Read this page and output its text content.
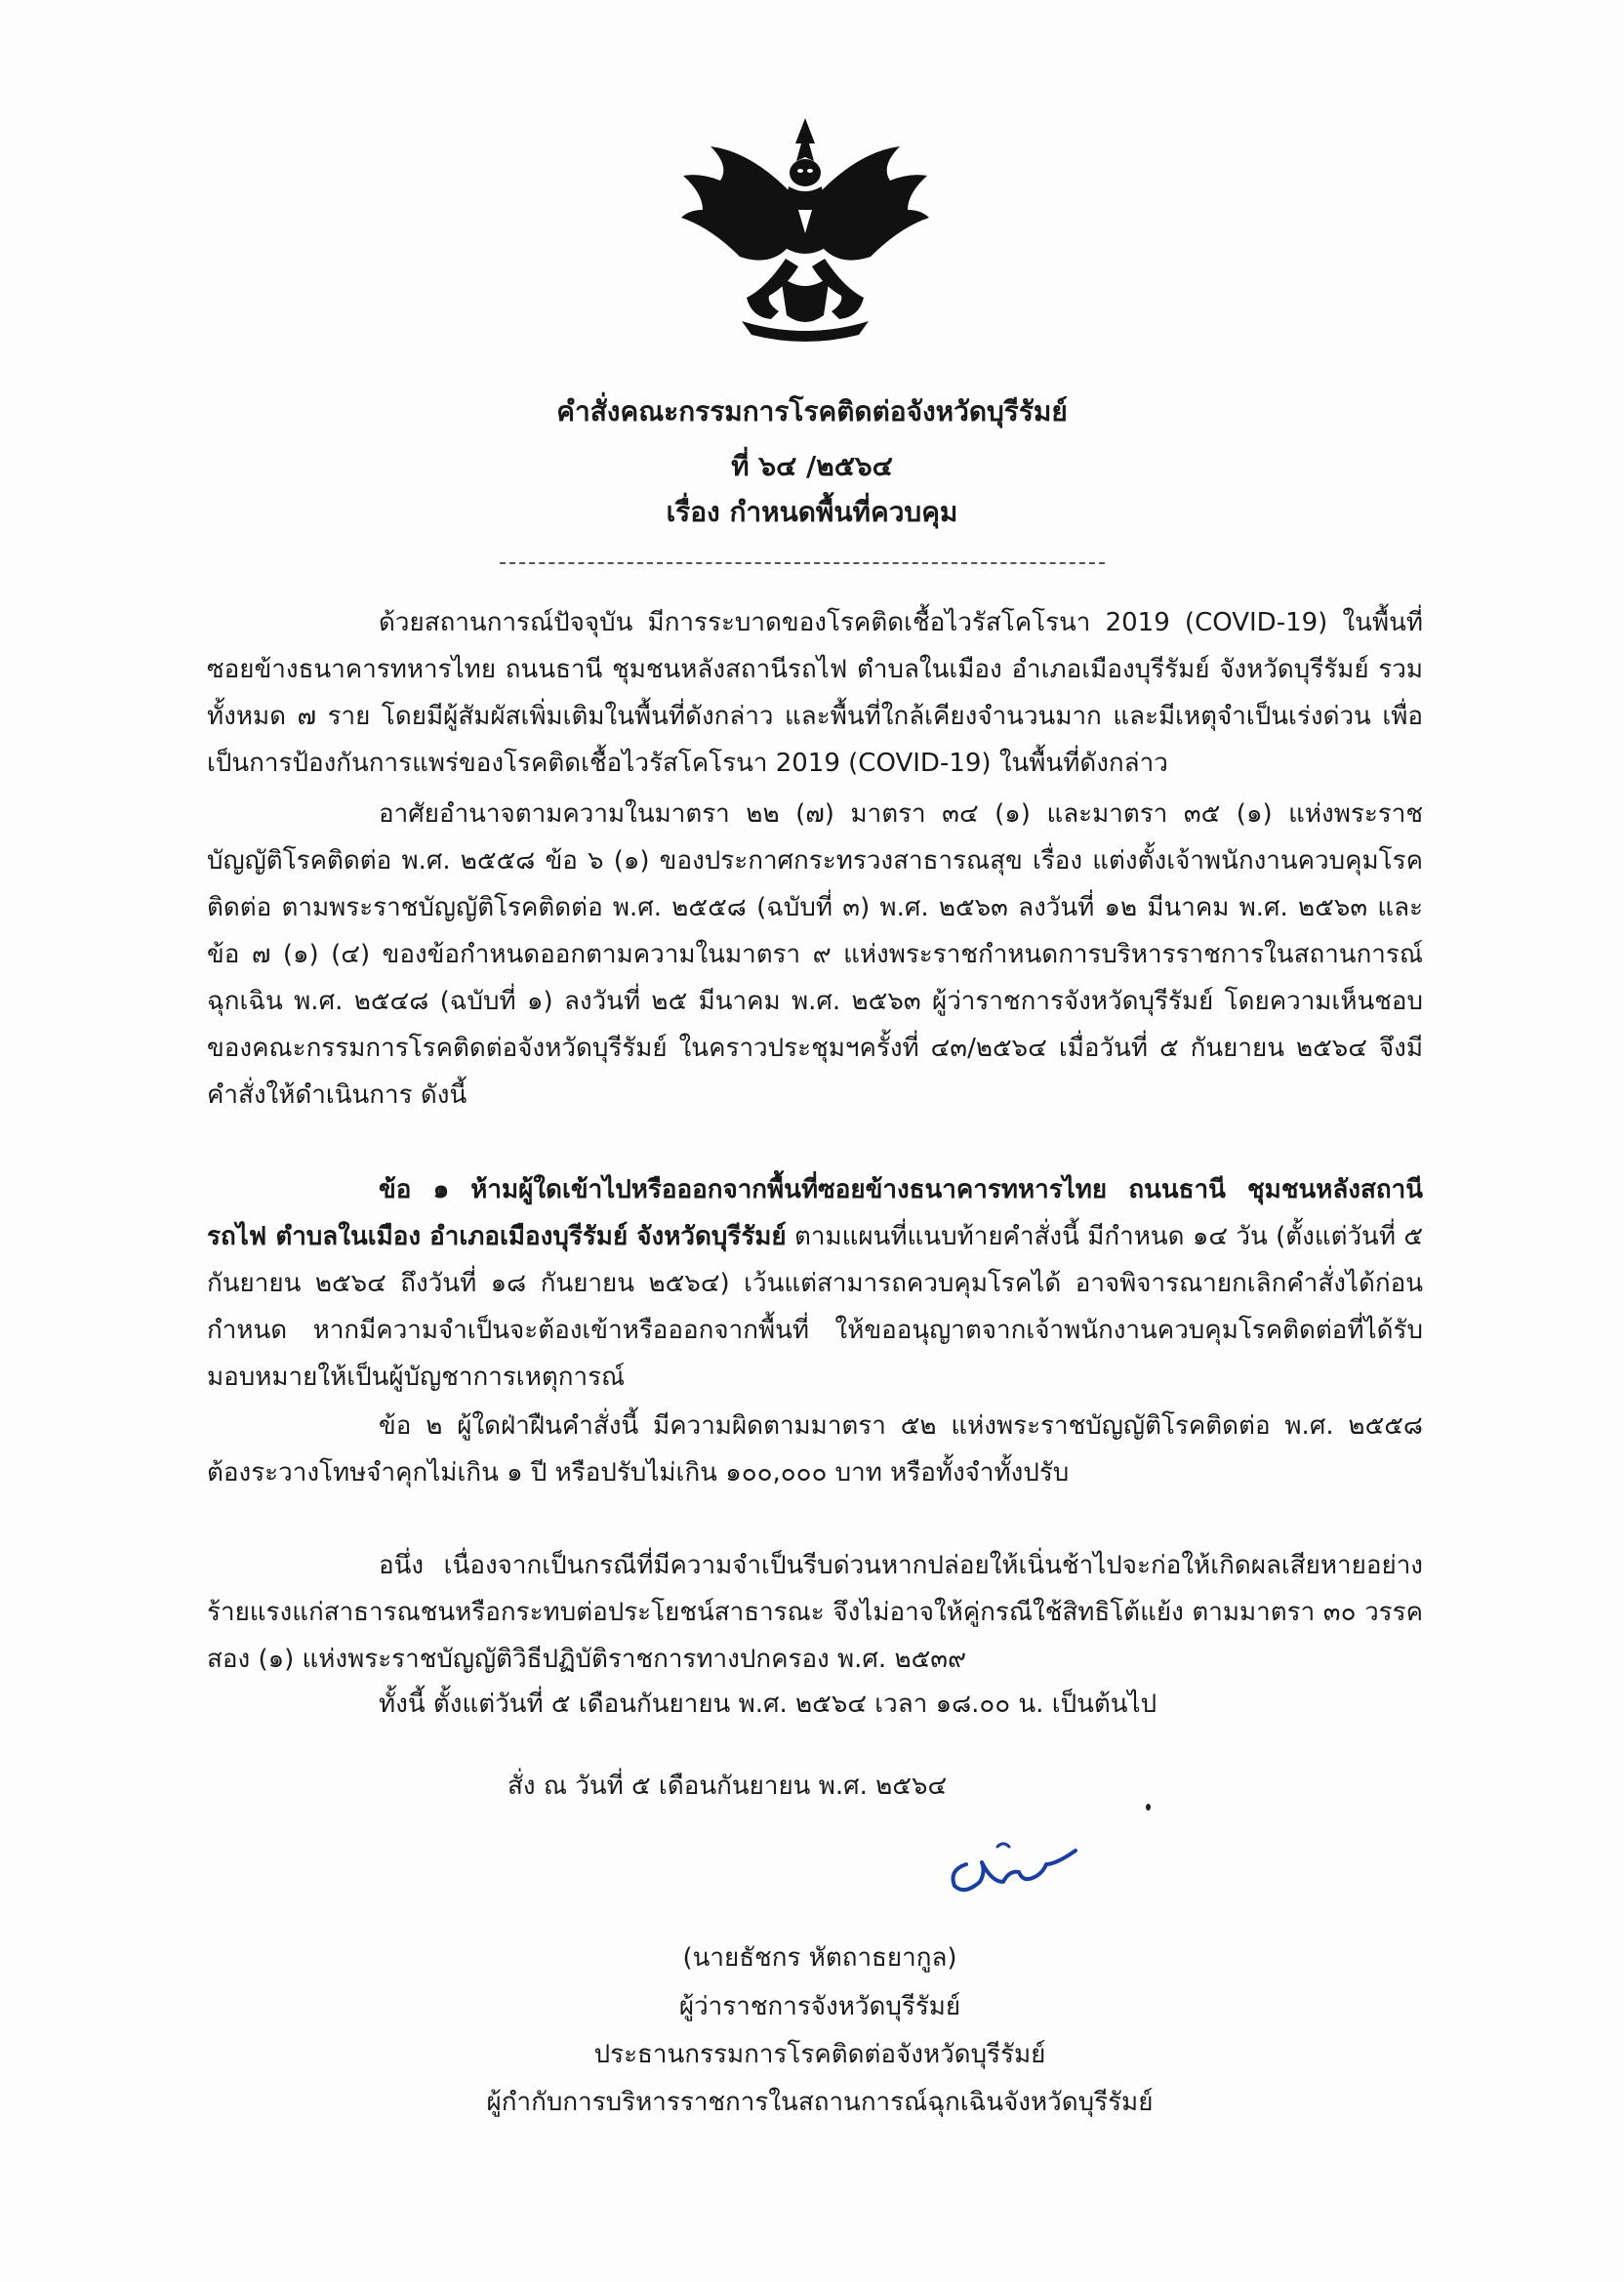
คำสั่งคณะกรรมการโรคติดต่อจังหวัดบุรีรัมย์
ที่ ๖๔ /๒๕๖๔
เรื่อง กำหนดพื้นที่ควบคุม
ด้วยสถานการณ์ปัจจุบัน มีการระบาดของโรคติดเชื้อไวรัสโคโรนา 2019 (COVID-19) ในพื้นที่ ซอยข้างธนาคารทหารไทย ถนนธานี ชุมชนหลังสถานีรถไฟ ตำบลในเมือง อำเภอเมืองบุรีรัมย์ จังหวัดบุรีรัมย์ รวมทั้งหมด ๗ ราย โดยมีผู้สัมผัสเพิ่มเติมในพื้นที่ดังกล่าว และพื้นที่ใกล้เคียงจำนวนมาก และมีเหตุจำเป็นเร่งด่วน เพื่อเป็นการป้องกันการแพร่ของโรคติดเชื้อไวรัสโคโรนา 2019 (COVID-19) ในพื้นที่ดังกล่าว
อาศัยอำนาจตามความในมาตรา ๒๒ (๗) มาตรา ๓๔ (๑) และมาตรา ๓๕ (๑) แห่งพระราชบัญญัติโรคติดต่อ พ.ศ. ๒๕๕๘ ข้อ ๖ (๑) ของประกาศกระทรวงสาธารณสุข เรื่อง แต่งตั้งเจ้าพนักงานควบคุมโรคติดต่อ ตามพระราชบัญญัติโรคติดต่อ พ.ศ. ๒๕๕๘ (ฉบับที่ ๓) พ.ศ. ๒๕๖๓ ลงวันที่ ๑๒ มีนาคม พ.ศ. ๒๕๖๓ และข้อ ๗ (๑) (๔) ของข้อกำหนดออกตามความในมาตรา ๙ แห่งพระราชกำหนดการบริหารราชการในสถานการณ์ฉุกเฉิน พ.ศ. ๒๕๔๘ (ฉบับที่ ๑) ลงวันที่ ๒๕ มีนาคม พ.ศ. ๒๕๖๓ ผู้ว่าราชการจังหวัดบุรีรัมย์ โดยความเห็นชอบของคณะกรรมการโรคติดต่อจังหวัดบุรีรัมย์ ในคราวประชุมฯครั้งที่ ๔๓/๒๕๖๔ เมื่อวันที่ ๕ กันยายน ๒๕๖๔ จึงมีคำสั่งให้ดำเนินการ ดังนี้
ข้อ ๑ ห้ามผู้ใดเข้าไปหรือออกจากพื้นที่ซอยข้างธนาคารทหารไทย ถนนธานี ชุมชนหลังสถานีรถไฟ ตำบลในเมือง อำเภอเมืองบุรีรัมย์ จังหวัดบุรีรัมย์ ตามแผนที่แนบท้ายคำสั่งนี้ มีกำหนด ๑๔ วัน (ตั้งแต่วันที่ ๕ กันยายน ๒๕๖๔ ถึงวันที่ ๑๘ กันยายน ๒๕๖๔) เว้นแต่สามารถควบคุมโรคได้ อาจพิจารณายกเลิกคำสั่งได้ก่อนกำหนด หากมีความจำเป็นจะต้องเข้าหรือออกจากพื้นที่ ให้ขออนุญาตจากเจ้าพนักงานควบคุมโรคติดต่อที่ได้รับมอบหมายให้เป็นผู้บัญชาการเหตุการณ์
ข้อ ๒ ผู้ใดฝ่าฝืนคำสั่งนี้ มีความผิดตามมาตรา ๕๒ แห่งพระราชบัญญัติโรคติดต่อ พ.ศ. ๒๕๕๘ ต้องระวางโทษจำคุกไม่เกิน ๑ ปี หรือปรับไม่เกิน ๑๐๐,๐๐๐ บาท หรือทั้งจำทั้งปรับ
อนึ่ง เนื่องจากเป็นกรณีที่มีความจำเป็นรีบด่วนหากปล่อยให้เนิ่นช้าไปจะก่อให้เกิดผลเสียหายอย่างร้ายแรงแก่สาธารณชนหรือกระทบต่อประโยชน์สาธารณะ จึงไม่อาจให้คู่กรณีใช้สิทธิโต้แย้ง ตามมาตรา ๓๐ วรรคสอง (๑) แห่งพระราชบัญญัติวิธีปฏิบัติราชการทางปกครอง พ.ศ. ๒๕๓๙
ทั้งนี้ ตั้งแต่วันที่ ๕ เดือนกันยายน พ.ศ. ๒๕๖๔ เวลา ๑๘.๐๐ น. เป็นต้นไป
สั่ง ณ วันที่ ๕ เดือนกันยายน พ.ศ. ๒๕๖๔
(นายธัชกร หัตถาธยากูล)
ผู้ว่าราชการจังหวัดบุรีรัมย์
ประธานกรรมการโรคติดต่อจังหวัดบุรีรัมย์
ผู้กำกับการบริหารราชการในสถานการณ์ฉุกเฉินจังหวัดบุรีรัมย์
